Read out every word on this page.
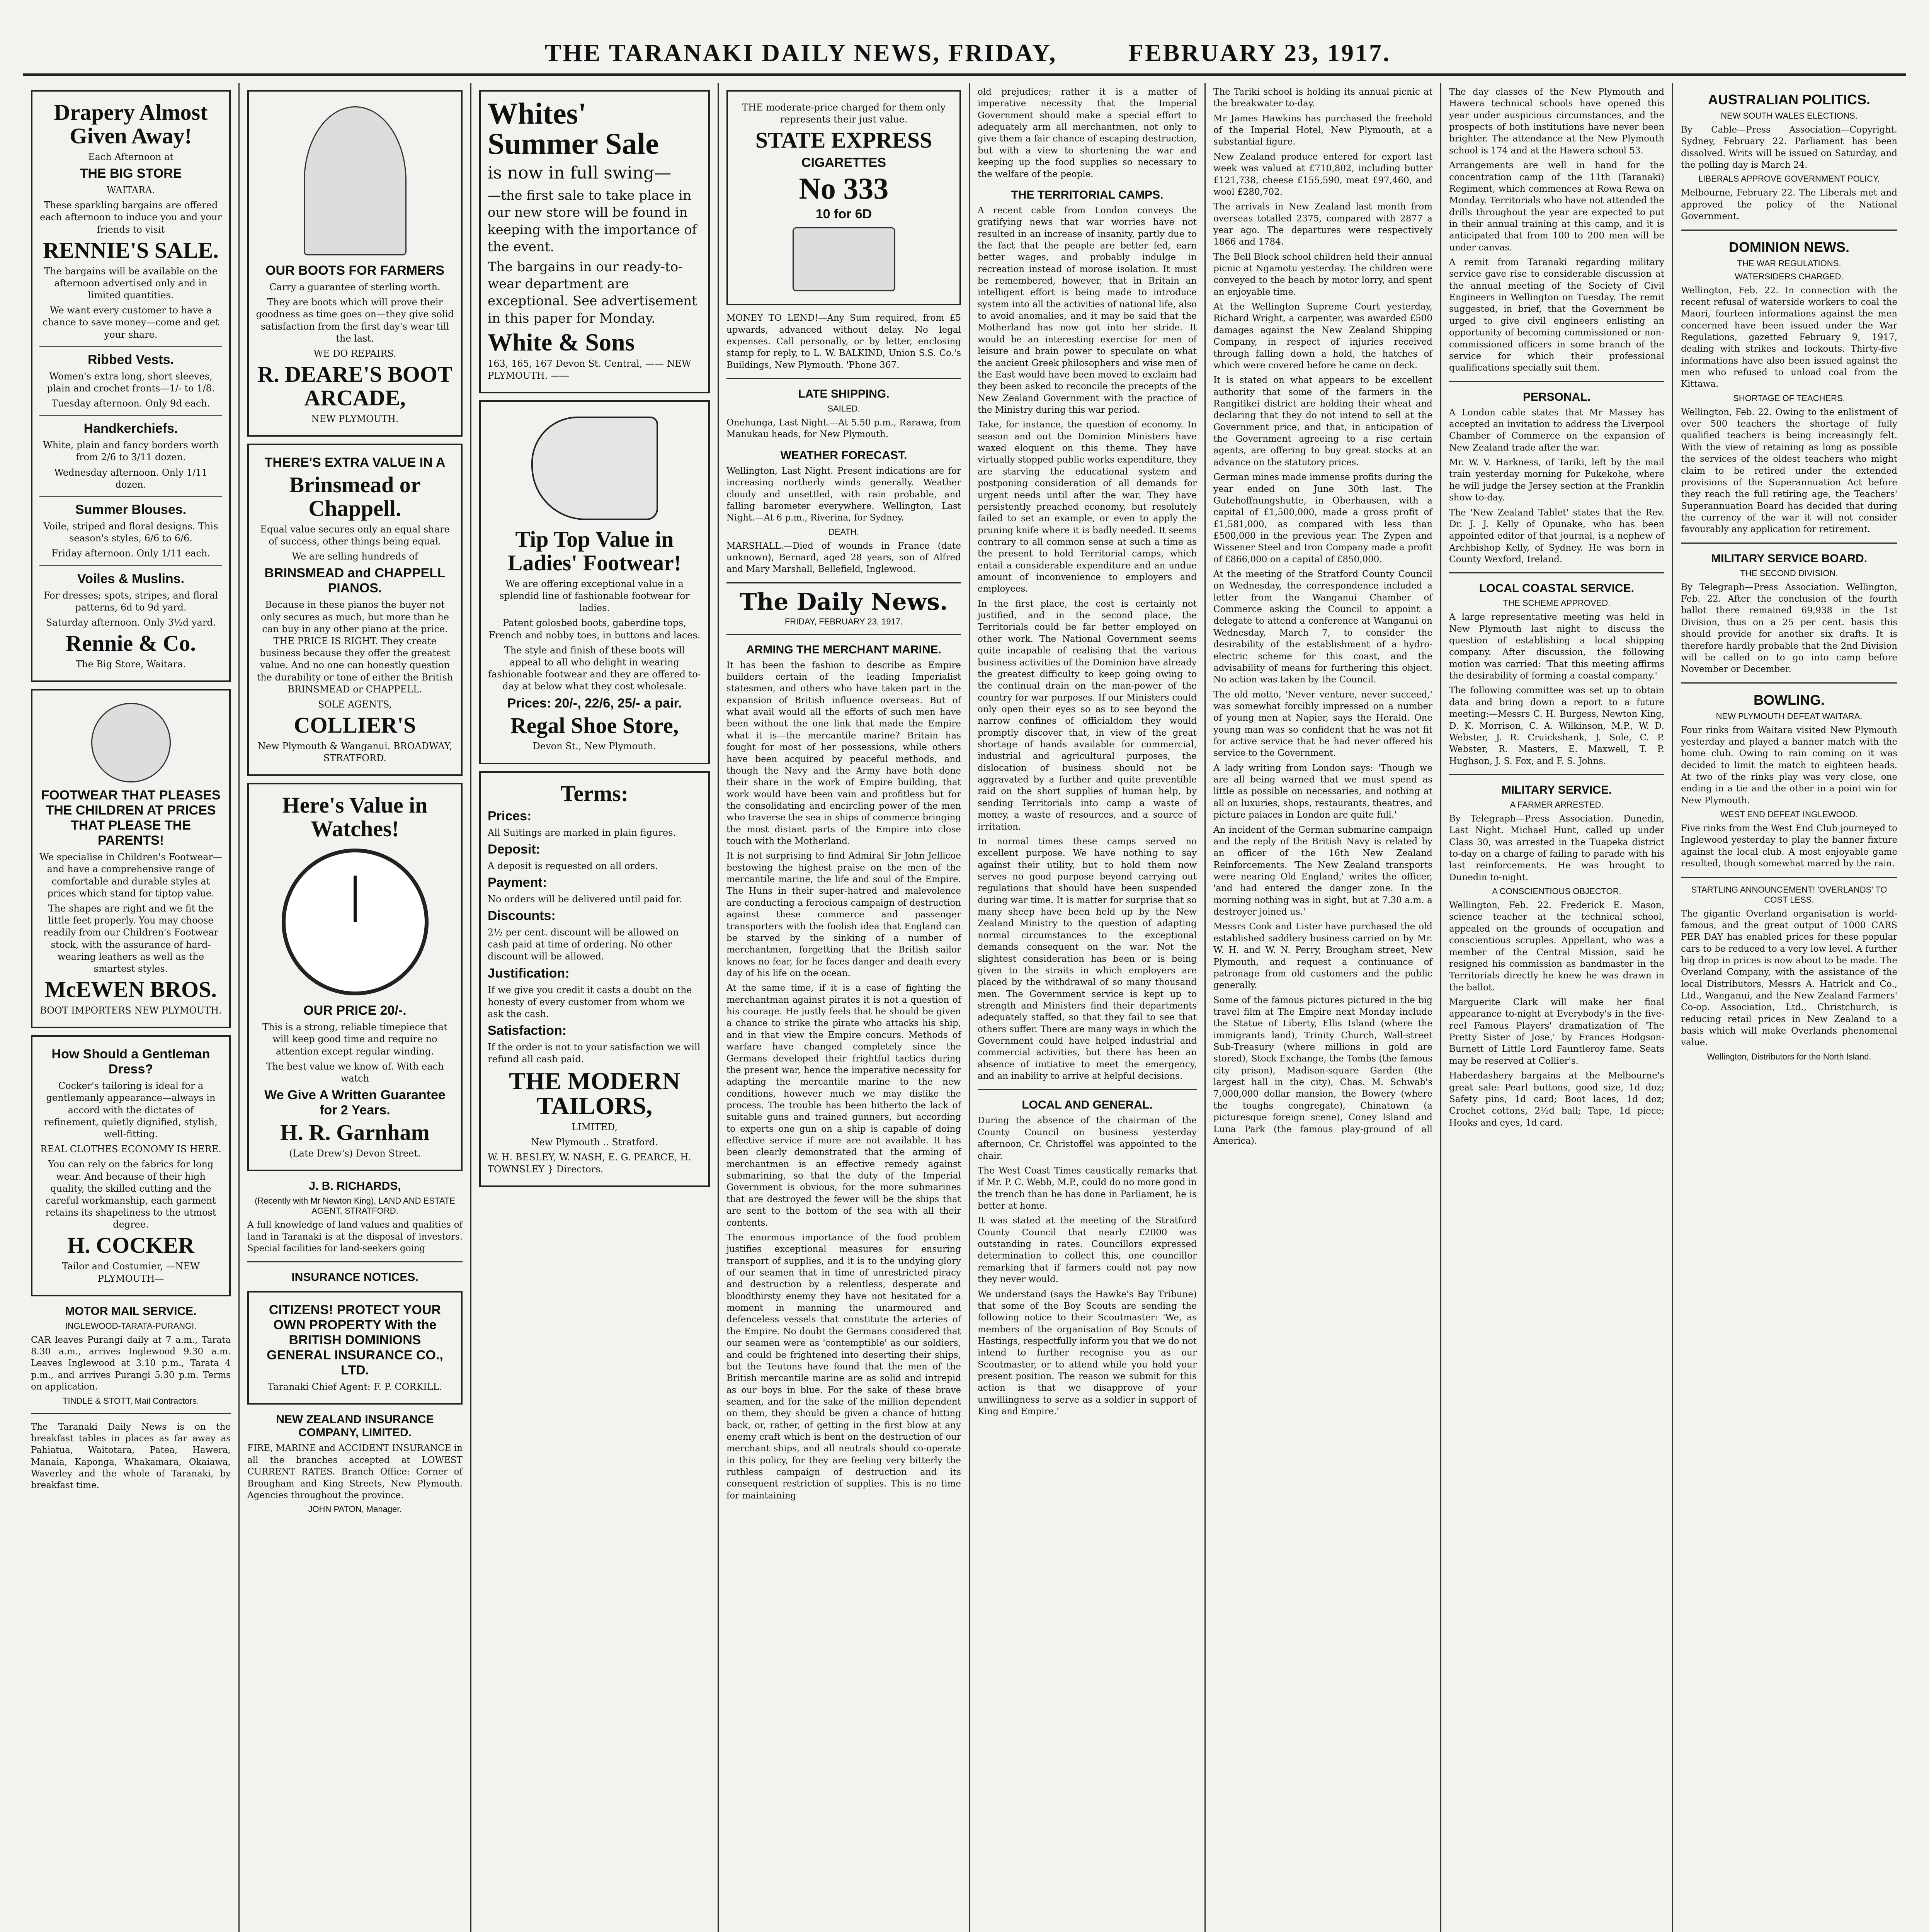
THE TARANAKI DAILY NEWS, FRIDAY,	FEBRUARY 23, 1917.
Drapery Almost Given Away!

Each Afternoon at

THE BIG STORE

WAITARA.

These sparkling bargains are offered each afternoon to induce you and your friends to visit

RENNIE'S SALE.

The bargains will be available on the afternoon advertised only and in limited quantities.

We want every customer to have a chance to save money—come and get your share.

Ribbed Vests.

Women's extra long, short sleeves, plain and crochet fronts—1/- to 1/8.

Tuesday afternoon. Only 9d each.

Handkerchiefs.

White, plain and fancy borders worth from 2/6 to 3/11 dozen.

Wednesday afternoon. Only 1/11 dozen.

Summer Blouses.

Voile, striped and floral designs. This season's styles, 6/6 to 6/6.

Friday afternoon. Only 1/11 each.

Voiles & Muslins.

For dresses; spots, stripes, and floral patterns, 6d to 9d yard.

Saturday afternoon. Only 3½d yard.

Rennie & Co.

The Big Store, Waitara.

FOOTWEAR THAT PLEASES THE CHILDREN AT PRICES THAT PLEASE THE PARENTS!

We specialise in Children's Footwear—and have a comprehensive range of comfortable and durable styles at prices which stand for tiptop value.

The shapes are right and we fit the little feet properly. You may choose readily from our Children's Footwear stock, with the assurance of hard-wearing leathers as well as the smartest styles.

McEWEN BROS.

BOOT IMPORTERS NEW PLYMOUTH.

How Should a Gentleman Dress?

Cocker's tailoring is ideal for a gentlemanly appearance—always in accord with the dictates of refinement, quietly dignified, stylish, well-fitting.

REAL CLOTHES ECONOMY IS HERE.

You can rely on the fabrics for long wear. And because of their high quality, the skilled cutting and the careful workmanship, each garment retains its shapeliness to the utmost degree.

H. COCKER

Tailor and Costumier, —NEW PLYMOUTH—

MOTOR MAIL SERVICE.
INGLEWOOD-TARATA-PURANGI.
CAR leaves Purangi daily at 7 a.m., Tarata 8.30 a.m., arrives Inglewood 9.30 a.m. Leaves Inglewood at 3.10 p.m., Tarata 4 p.m., and arrives Purangi 5.30 p.m. Terms on application.
TINDLE & STOTT, Mail Contractors.
The Taranaki Daily News is on the breakfast tables in places as far away as Pahiatua, Waitotara, Patea, Hawera, Manaia, Kaponga, Whakamara, Okaiawa, Waverley and the whole of Taranaki, by breakfast time.
OUR BOOTS FOR FARMERS

Carry a guarantee of sterling worth.

They are boots which will prove their goodness as time goes on—they give solid satisfaction from the first day's wear till the last.

WE DO REPAIRS.

R. DEARE'S BOOT ARCADE,

NEW PLYMOUTH.

THERE'S EXTRA VALUE IN A
Brinsmead or Chappell.

Equal value secures only an equal share of success, other things being equal.

We are selling hundreds of

BRINSMEAD and CHAPPELL PIANOS.

Because in these pianos the buyer not only secures as much, but more than he can buy in any other piano at the price. THE PRICE IS RIGHT. They create business because they offer the greatest value. And no one can honestly question the durability or tone of either the British BRINSMEAD or CHAPPELL.

SOLE AGENTS,

COLLIER'S

New Plymouth & Wanganui. BROADWAY, STRATFORD.

Here's Value in Watches!
OUR PRICE 20/-.

This is a strong, reliable timepiece that will keep good time and require no attention except regular winding.

The best value we know of. With each watch

We Give A Written Guarantee for 2 Years.
H. R. Garnham

(Late Drew's) Devon Street.

J. B. RICHARDS,
(Recently with Mr Newton King), LAND AND ESTATE AGENT, STRATFORD.
A full knowledge of land values and qualities of land in Taranaki is at the disposal of investors. Special facilities for land-seekers going
INSURANCE NOTICES.
CITIZENS! PROTECT YOUR OWN PROPERTY With the BRITISH DOMINIONS GENERAL INSURANCE CO., LTD.

Taranaki Chief Agent: F. P. CORKILL.

NEW ZEALAND INSURANCE COMPANY, LIMITED.
FIRE, MARINE and ACCIDENT INSURANCE in all the branches accepted at LOWEST CURRENT RATES. Branch Office: Corner of Brougham and King Streets, New Plymouth. Agencies throughout the province.
JOHN PATON, Manager.
Whites' Summer Sale

is now in full swing—

—the first sale to take place in our new store will be found in keeping with the importance of the event.

The bargains in our ready-to-wear department are exceptional. See advertisement in this paper for Monday.

White & Sons

163, 165, 167 Devon St. Central, —— NEW PLYMOUTH. ——

Tip Top Value in Ladies' Footwear!

We are offering exceptional value in a splendid line of fashionable footwear for ladies.

Patent golosbed boots, gaberdine tops, French and nobby toes, in buttons and laces.

The style and finish of these boots will appeal to all who delight in wearing fashionable footwear and they are offered to-day at below what they cost wholesale.

Prices: 20/-, 22/6, 25/- a pair.
Regal Shoe Store,

Devon St., New Plymouth.

Terms:
Prices:

All Suitings are marked in plain figures.

Deposit:

A deposit is requested on all orders.

Payment:

No orders will be delivered until paid for.

Discounts:

2½ per cent. discount will be allowed on cash paid at time of ordering. No other discount will be allowed.

Justification:

If we give you credit it casts a doubt on the honesty of every customer from whom we ask the cash.

Satisfaction:

If the order is not to your satisfaction we will refund all cash paid.

THE MODERN TAILORS,

LIMITED,

New Plymouth .. Stratford.

W. H. BESLEY, W. NASH, E. G. PEARCE, H. TOWNSLEY } Directors.

THE moderate-price charged for them only represents their just value.

STATE EXPRESS
CIGARETTES
No 333
10 for 6D
MONEY TO LEND!—Any Sum required, from £5 upwards, advanced without delay. No legal expenses. Call personally, or by letter, enclosing stamp for reply, to L. W. BALKIND, Union S.S. Co.'s Buildings, New Plymouth. 'Phone 367.
LATE SHIPPING.
SAILED.
Onehunga, Last Night.—At 5.50 p.m., Rarawa, from Manukau heads, for New Plymouth.
WEATHER FORECAST.
Wellington, Last Night. Present indications are for increasing northerly winds generally. Weather cloudy and unsettled, with rain probable, and falling barometer everywhere. Wellington, Last Night.—At 6 p.m., Riverina, for Sydney.
DEATH.
MARSHALL.—Died of wounds in France (date unknown), Bernard, aged 28 years, son of Alfred and Mary Marshall, Bellefield, Inglewood.
The Daily News.
FRIDAY, FEBRUARY 23, 1917.
ARMING THE MERCHANT MARINE.
It has been the fashion to describe as Empire builders certain of the leading Imperialist statesmen, and others who have taken part in the expansion of British influence overseas. But of what avail would all the efforts of such men have been without the one link that made the Empire what it is—the mercantile marine? Britain has fought for most of her possessions, while others have been acquired by peaceful methods, and though the Navy and the Army have both done their share in the work of Empire building, that work would have been vain and profitless but for the consolidating and encircling power of the men who traverse the sea in ships of commerce bringing the most distant parts of the Empire into close touch with the Motherland.
It is not surprising to find Admiral Sir John Jellicoe bestowing the highest praise on the men of the mercantile marine, the life and soul of the Empire. The Huns in their super-hatred and malevolence are conducting a ferocious campaign of destruction against these commerce and passenger transporters with the foolish idea that England can be starved by the sinking of a number of merchantmen, forgetting that the British sailor knows no fear, for he faces danger and death every day of his life on the ocean.
At the same time, if it is a case of fighting the merchantman against pirates it is not a question of his courage. He justly feels that he should be given a chance to strike the pirate who attacks his ship, and in that view the Empire concurs. Methods of warfare have changed completely since the Germans developed their frightful tactics during the present war, hence the imperative necessity for adapting the mercantile marine to the new conditions, however much we may dislike the process. The trouble has been hitherto the lack of suitable guns and trained gunners, but according to experts one gun on a ship is capable of doing effective service if more are not available. It has been clearly demonstrated that the arming of merchantmen is an effective remedy against submarining, so that the duty of the Imperial Government is obvious, for the more submarines that are destroyed the fewer will be the ships that are sent to the bottom of the sea with all their contents.
The enormous importance of the food problem justifies exceptional measures for ensuring transport of supplies, and it is to the undying glory of our seamen that in time of unrestricted piracy and destruction by a relentless, desperate and bloodthirsty enemy they have not hesitated for a moment in manning the unarmoured and defenceless vessels that constitute the arteries of the Empire. No doubt the Germans considered that our seamen were as 'contemptible' as our soldiers, and could be frightened into deserting their ships, but the Teutons have found that the men of the British mercantile marine are as solid and intrepid as our boys in blue. For the sake of these brave seamen, and for the sake of the million dependent on them, they should be given a chance of hitting back, or, rather, of getting in the first blow at any enemy craft which is bent on the destruction of our merchant ships, and all neutrals should co-operate in this policy, for they are feeling very bitterly the ruthless campaign of destruction and its consequent restriction of supplies. This is no time for maintaining
old prejudices; rather it is a matter of imperative necessity that the Imperial Government should make a special effort to adequately arm all merchantmen, not only to give them a fair chance of escaping destruction, but with a view to shortening the war and keeping up the food supplies so necessary to the welfare of the people.
THE TERRITORIAL CAMPS.
A recent cable from London conveys the gratifying news that war worries have not resulted in an increase of insanity, partly due to the fact that the people are better fed, earn better wages, and probably indulge in recreation instead of morose isolation. It must be remembered, however, that in Britain an intelligent effort is being made to introduce system into all the activities of national life, also to avoid anomalies, and it may be said that the Motherland has now got into her stride. It would be an interesting exercise for men of leisure and brain power to speculate on what the ancient Greek philosophers and wise men of the East would have been moved to exclaim had they been asked to reconcile the precepts of the New Zealand Government with the practice of the Ministry during this war period.
Take, for instance, the question of economy. In season and out the Dominion Ministers have waxed eloquent on this theme. They have virtually stopped public works expenditure, they are starving the educational system and postponing consideration of all demands for urgent needs until after the war. They have persistently preached economy, but resolutely failed to set an example, or even to apply the pruning knife where it is badly needed. It seems contrary to all common sense at such a time as the present to hold Territorial camps, which entail a considerable expenditure and an undue amount of inconvenience to employers and employees.
In the first place, the cost is certainly not justified, and in the second place, the Territorials could be far better employed on other work. The National Government seems quite incapable of realising that the various business activities of the Dominion have already the greatest difficulty to keep going owing to the continual drain on the man-power of the country for war purposes. If our Ministers could only open their eyes so as to see beyond the narrow confines of officialdom they would promptly discover that, in view of the great shortage of hands available for commercial, industrial and agricultural purposes, the dislocation of business should not be aggravated by a further and quite preventible raid on the short supplies of human help, by sending Territorials into camp a waste of money, a waste of resources, and a source of irritation.
In normal times these camps served no excellent purpose. We have nothing to say against their utility, but to hold them now serves no good purpose beyond carrying out regulations that should have been suspended during war time. It is matter for surprise that so many sheep have been held up by the New Zealand Ministry to the question of adapting normal circumstances to the exceptional demands consequent on the war. Not the slightest consideration has been or is being given to the straits in which employers are placed by the withdrawal of so many thousand men. The Government service is kept up to strength and Ministers find their departments adequately staffed, so that they fail to see that others suffer. There are many ways in which the Government could have helped industrial and commercial activities, but there has been an absence of initiative to meet the emergency, and an inability to arrive at helpful decisions.
LOCAL AND GENERAL.
During the absence of the chairman of the County Council on business yesterday afternoon, Cr. Christoffel was appointed to the chair.
The West Coast Times caustically remarks that if Mr. P. C. Webb, M.P., could do no more good in the trench than he has done in Parliament, he is better at home.
It was stated at the meeting of the Stratford County Council that nearly £2000 was outstanding in rates. Councillors expressed determination to collect this, one councillor remarking that if farmers could not pay now they never would.
We understand (says the Hawke's Bay Tribune) that some of the Boy Scouts are sending the following notice to their Scoutmaster: 'We, as members of the organisation of Boy Scouts of Hastings, respectfully inform you that we do not intend to further recognise you as our Scoutmaster, or to attend while you hold your present position. The reason we submit for this action is that we disapprove of your unwillingness to serve as a soldier in support of King and Empire.'
The Tariki school is holding its annual picnic at the breakwater to-day.
Mr James Hawkins has purchased the freehold of the Imperial Hotel, New Plymouth, at a substantial figure.
New Zealand produce entered for export last week was valued at £710,802, including butter £121,738, cheese £155,590, meat £97,460, and wool £280,702.
The arrivals in New Zealand last month from overseas totalled 2375, compared with 2877 a year ago. The departures were respectively 1866 and 1784.
The Bell Block school children held their annual picnic at Ngamotu yesterday. The children were conveyed to the beach by motor lorry, and spent an enjoyable time.
At the Wellington Supreme Court yesterday, Richard Wright, a carpenter, was awarded £500 damages against the New Zealand Shipping Company, in respect of injuries received through falling down a hold, the hatches of which were covered before he came on deck.
It is stated on what appears to be excellent authority that some of the farmers in the Rangitikei district are holding their wheat and declaring that they do not intend to sell at the Government price, and that, in anticipation of the Government agreeing to a rise certain agents, are offering to buy great stocks at an advance on the statutory prices.
German mines made immense profits during the year ended on June 30th last. The Gutehoffnungshutte, in Oberhausen, with a capital of £1,500,000, made a gross profit of £1,581,000, as compared with less than £500,000 in the previous year. The Zypen and Wissener Steel and Iron Company made a profit of £866,000 on a capital of £850,000.
At the meeting of the Stratford County Council on Wednesday, the correspondence included a letter from the Wanganui Chamber of Commerce asking the Council to appoint a delegate to attend a conference at Wanganui on Wednesday, March 7, to consider the desirability of the establishment of a hydro-electric scheme for this coast, and the advisability of means for furthering this object. No action was taken by the Council.
The old motto, 'Never venture, never succeed,' was somewhat forcibly impressed on a number of young men at Napier, says the Herald. One young man was so confident that he was not fit for active service that he had never offered his service to the Government.
A lady writing from London says: 'Though we are all being warned that we must spend as little as possible on necessaries, and nothing at all on luxuries, shops, restaurants, theatres, and picture palaces in London are quite full.'
An incident of the German submarine campaign and the reply of the British Navy is related by an officer of the 16th New Zealand Reinforcements. 'The New Zealand transports were nearing Old England,' writes the officer, 'and had entered the danger zone. In the morning nothing was in sight, but at 7.30 a.m. a destroyer joined us.'
Messrs Cook and Lister have purchased the old established saddlery business carried on by Mr. W. H. and W. N. Perry, Brougham street, New Plymouth, and request a continuance of patronage from old customers and the public generally.
Some of the famous pictures pictured in the big travel film at The Empire next Monday include the Statue of Liberty, Ellis Island (where the immigrants land), Trinity Church, Wall-street Sub-Treasury (where millions in gold are stored), Stock Exchange, the Tombs (the famous city prison), Madison-square Garden (the largest hall in the city), Chas. M. Schwab's 7,000,000 dollar mansion, the Bowery (where the toughs congregate), Chinatown (a picturesque foreign scene), Coney Island and Luna Park (the famous play-ground of all America).
The day classes of the New Plymouth and Hawera technical schools have opened this year under auspicious circumstances, and the prospects of both institutions have never been brighter. The attendance at the New Plymouth school is 174 and at the Hawera school 53.
Arrangements are well in hand for the concentration camp of the 11th (Taranaki) Regiment, which commences at Rowa Rewa on Monday. Territorials who have not attended the drills throughout the year are expected to put in their annual training at this camp, and it is anticipated that from 100 to 200 men will be under canvas.
A remit from Taranaki regarding military service gave rise to considerable discussion at the annual meeting of the Society of Civil Engineers in Wellington on Tuesday. The remit suggested, in brief, that the Government be urged to give civil engineers enlisting an opportunity of becoming commissioned or non-commissioned officers in some branch of the service for which their professional qualifications specially suit them.
PERSONAL.
A London cable states that Mr Massey has accepted an invitation to address the Liverpool Chamber of Commerce on the expansion of New Zealand trade after the war.
Mr. W. V. Harkness, of Tariki, left by the mail train yesterday morning for Pukekohe, where he will judge the Jersey section at the Franklin show to-day.
The 'New Zealand Tablet' states that the Rev. Dr. J. J. Kelly of Opunake, who has been appointed editor of that journal, is a nephew of Archbishop Kelly, of Sydney. He was born in County Wexford, Ireland.
LOCAL COASTAL SERVICE.
THE SCHEME APPROVED.
A large representative meeting was held in New Plymouth last night to discuss the question of establishing a local shipping company. After discussion, the following motion was carried: 'That this meeting affirms the desirability of forming a coastal company.'
The following committee was set up to obtain data and bring down a report to a future meeting:—Messrs C. H. Burgess, Newton King, D. K. Morrison, C. A. Wilkinson, M.P., W. D. Webster, J. R. Cruickshank, J. Sole, C. P. Webster, R. Masters, E. Maxwell, T. P. Hughson, J. S. Fox, and F. S. Johns.
MILITARY SERVICE.
A FARMER ARRESTED.
By Telegraph—Press Association. Dunedin, Last Night. Michael Hunt, called up under Class 30, was arrested in the Tuapeka district to-day on a charge of failing to parade with his last reinforcements. He was brought to Dunedin to-night.
A CONSCIENTIOUS OBJECTOR.
Wellington, Feb. 22. Frederick E. Mason, science teacher at the technical school, appealed on the grounds of occupation and conscientious scruples. Appellant, who was a member of the Central Mission, said he resigned his commission as bandmaster in the Territorials directly he knew he was drawn in the ballot.
Marguerite Clark will make her final appearance to-night at Everybody's in the five-reel Famous Players' dramatization of 'The Pretty Sister of Jose,' by Frances Hodgson-Burnett of Little Lord Fauntleroy fame. Seats may be reserved at Collier's.
Haberdashery bargains at the Melbourne's great sale: Pearl buttons, good size, 1d doz; Safety pins, 1d card; Boot laces, 1d doz; Crochet cottons, 2½d ball; Tape, 1d piece; Hooks and eyes, 1d card.
AUSTRALIAN POLITICS.
NEW SOUTH WALES ELECTIONS.
By Cable—Press Association—Copyright. Sydney, February 22. Parliament has been dissolved. Writs will be issued on Saturday, and the polling day is March 24.
LIBERALS APPROVE GOVERNMENT POLICY.
Melbourne, February 22. The Liberals met and approved the policy of the National Government.
DOMINION NEWS.
THE WAR REGULATIONS.
WATERSIDERS CHARGED.
Wellington, Feb. 22. In connection with the recent refusal of waterside workers to coal the Maori, fourteen informations against the men concerned have been issued under the War Regulations, gazetted February 9, 1917, dealing with strikes and lockouts. Thirty-five informations have also been issued against the men who refused to unload coal from the Kittawa.
SHORTAGE OF TEACHERS.
Wellington, Feb. 22. Owing to the enlistment of over 500 teachers the shortage of fully qualified teachers is being increasingly felt. With the view of retaining as long as possible the services of the oldest teachers who might claim to be retired under the extended provisions of the Superannuation Act before they reach the full retiring age, the Teachers' Superannuation Board has decided that during the currency of the war it will not consider favourably any application for retirement.
MILITARY SERVICE BOARD.
THE SECOND DIVISION.
By Telegraph—Press Association. Wellington, Feb. 22. After the conclusion of the fourth ballot there remained 69,938 in the 1st Division, thus on a 25 per cent. basis this should provide for another six drafts. It is therefore hardly probable that the 2nd Division will be called on to go into camp before November or December.
BOWLING.
NEW PLYMOUTH DEFEAT WAITARA.
Four rinks from Waitara visited New Plymouth yesterday and played a banner match with the home club. Owing to rain coming on it was decided to limit the match to eighteen heads. At two of the rinks play was very close, one ending in a tie and the other in a point win for New Plymouth.
WEST END DEFEAT INGLEWOOD.
Five rinks from the West End Club journeyed to Inglewood yesterday to play the banner fixture against the local club. A most enjoyable game resulted, though somewhat marred by the rain.
STARTLING ANNOUNCEMENT! 'OVERLANDS' TO COST LESS.
The gigantic Overland organisation is world-famous, and the great output of 1000 CARS PER DAY has enabled prices for these popular cars to be reduced to a very low level. A further big drop in prices is now about to be made. The Overland Company, with the assistance of the local Distributors, Messrs A. Hatrick and Co., Ltd., Wanganui, and the New Zealand Farmers' Co-op. Association, Ltd., Christchurch, is reducing retail prices in New Zealand to a basis which will make Overlands phenomenal value.
Wellington, Distributors for the North Island.
